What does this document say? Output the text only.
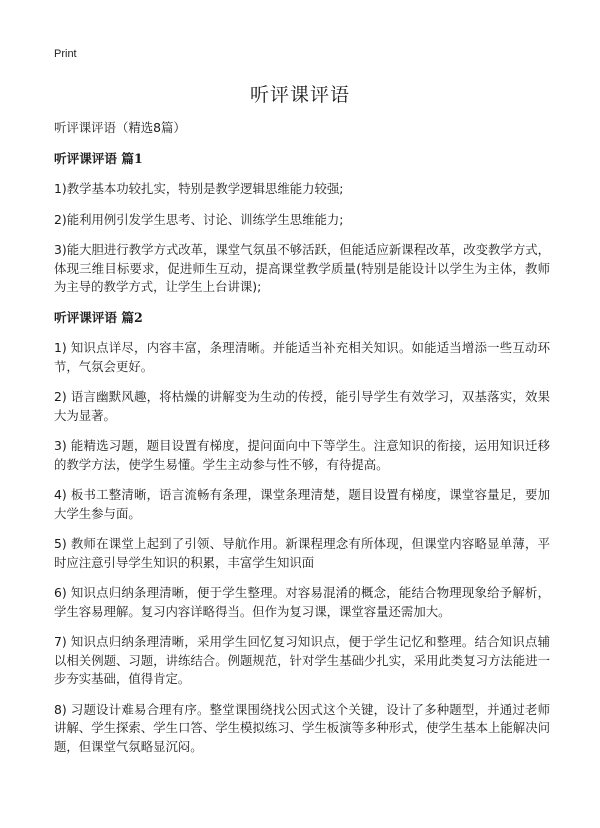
Print
听评课评语

听评课评语（精选8篇）

听评课评语 篇1

1)教学基本功较扎实，特别是教学逻辑思维能力较强;

2)能利用例引发学生思考、讨论、训练学生思维能力;

3)能大胆进行教学方式改革，课堂气氛虽不够活跃，但能适应新课程改革，改变教学方式，体现三维目标要求，促进师生互动，提高课堂教学质量(特别是能设计以学生为主体，教师为主导的教学方式，让学生上台讲课);

听评课评语 篇2

1) 知识点详尽，内容丰富，条理清晰。并能适当补充相关知识。如能适当增添一些互动环节，气氛会更好。

2) 语言幽默风趣，将枯燥的讲解变为生动的传授，能引导学生有效学习，双基落实，效果大为显著。

3) 能精选习题，题目设置有梯度，提问面向中下等学生。注意知识的衔接，运用知识迁移的教学方法，使学生易懂。学生主动参与性不够，有待提高。

4) 板书工整清晰，语言流畅有条理，课堂条理清楚，题目设置有梯度，课堂容量足，要加大学生参与面。

5) 教师在课堂上起到了引领、导航作用。新课程理念有所体现，但课堂内容略显单薄，平时应注意引导学生知识的积累，丰富学生知识面

6) 知识点归纳条理清晰，便于学生整理。对容易混淆的概念，能结合物理现象给予解析，学生容易理解。复习内容详略得当。但作为复习课，课堂容量还需加大。

7) 知识点归纳条理清晰，采用学生回忆复习知识点，便于学生记忆和整理。结合知识点辅以相关例题、习题，讲练结合。例题规范，针对学生基础少扎实，采用此类复习方法能进一步夯实基础，值得肯定。

8) 习题设计难易合理有序。整堂课围绕找公因式这个关键，设计了多种题型，并通过老师讲解、学生探索、学生口答、学生模拟练习、学生板演等多种形式，使学生基本上能解决问题，但课堂气氛略显沉闷。
